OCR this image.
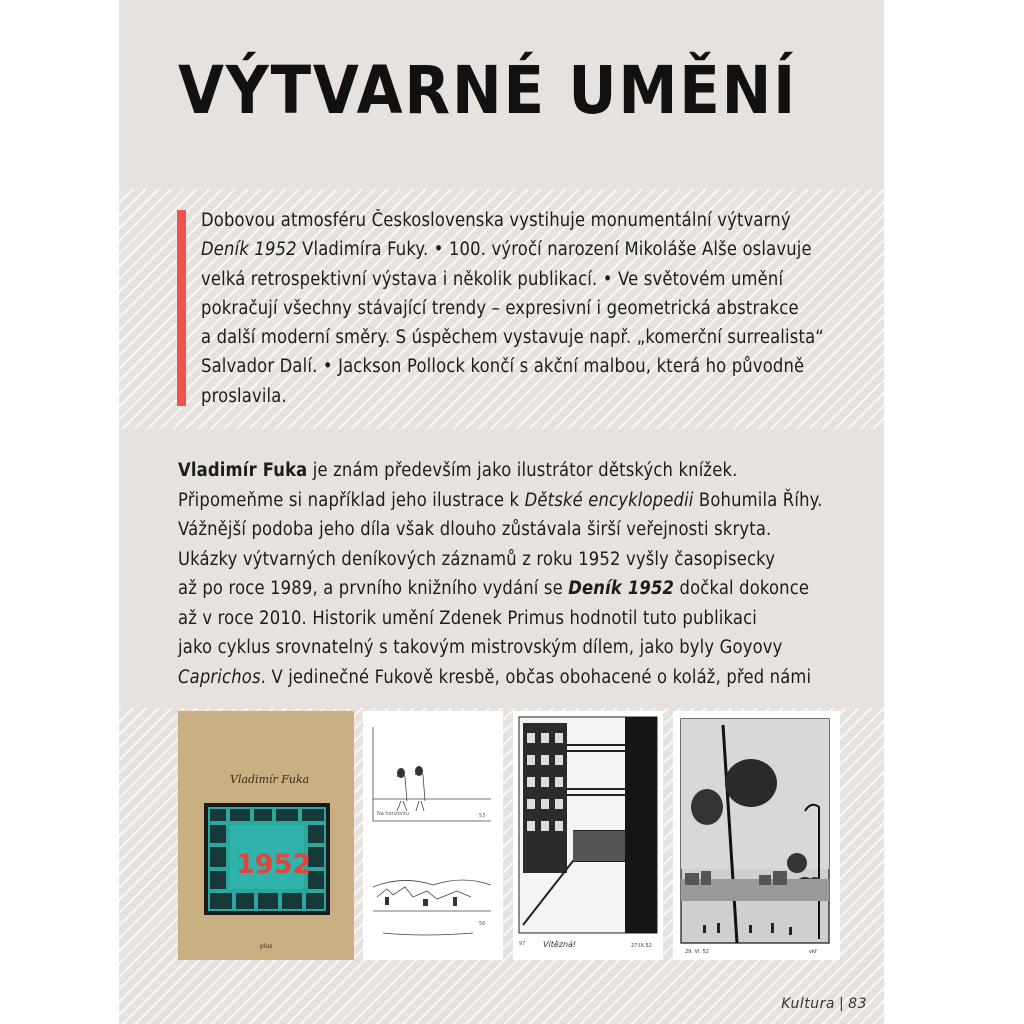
VÝTVARNÉ UMĚNÍ

Dobovou atmosféru Československa vystihuje monumentální výtvarný

Deník 1952 Vladimíra Fuky. • 100. výročí narození Mikoláše Alše oslavuje

velká retrospektivní výstava i několik publikací. • Ve světovém umění

pokračují všechny stávající trendy – expresivní i geometrická abstrakce

a další moderní směry. S úspěchem vystavuje např. „komerční surrealista“

Salvador Dalí. • Jackson Pollock končí s akční malbou, která ho původně

proslavila.

Vladimír Fuka je znám především jako ilustrátor dětských knížek.

Připomeňme si například jeho ilustrace k Dětské encyklopedii Bohumila Říhy.

Vážnější podoba jeho díla však dlouho zůstávala širší veřejnosti skryta.

Ukázky výtvarných deníkových záznamů z roku 1952 vyšly časopisecky

až po roce 1989, a prvního knižního vydání se Deník 1952 dočkal dokonce

až v roce 2010. Historik umění Zdenek Primus hodnotil tuto publikaci

jako cyklus srovnatelný s takovým mistrovským dílem, jako byly Goyovy

Caprichos. V jedinečné Fukově kresbě, občas obohacené o koláž, před námi

Vladimír Fuka
1952
plus
Na horizontu	53
56
Vítězná!
97	27.IX.52
29. VI. 52	vkf
Kultura | 83
